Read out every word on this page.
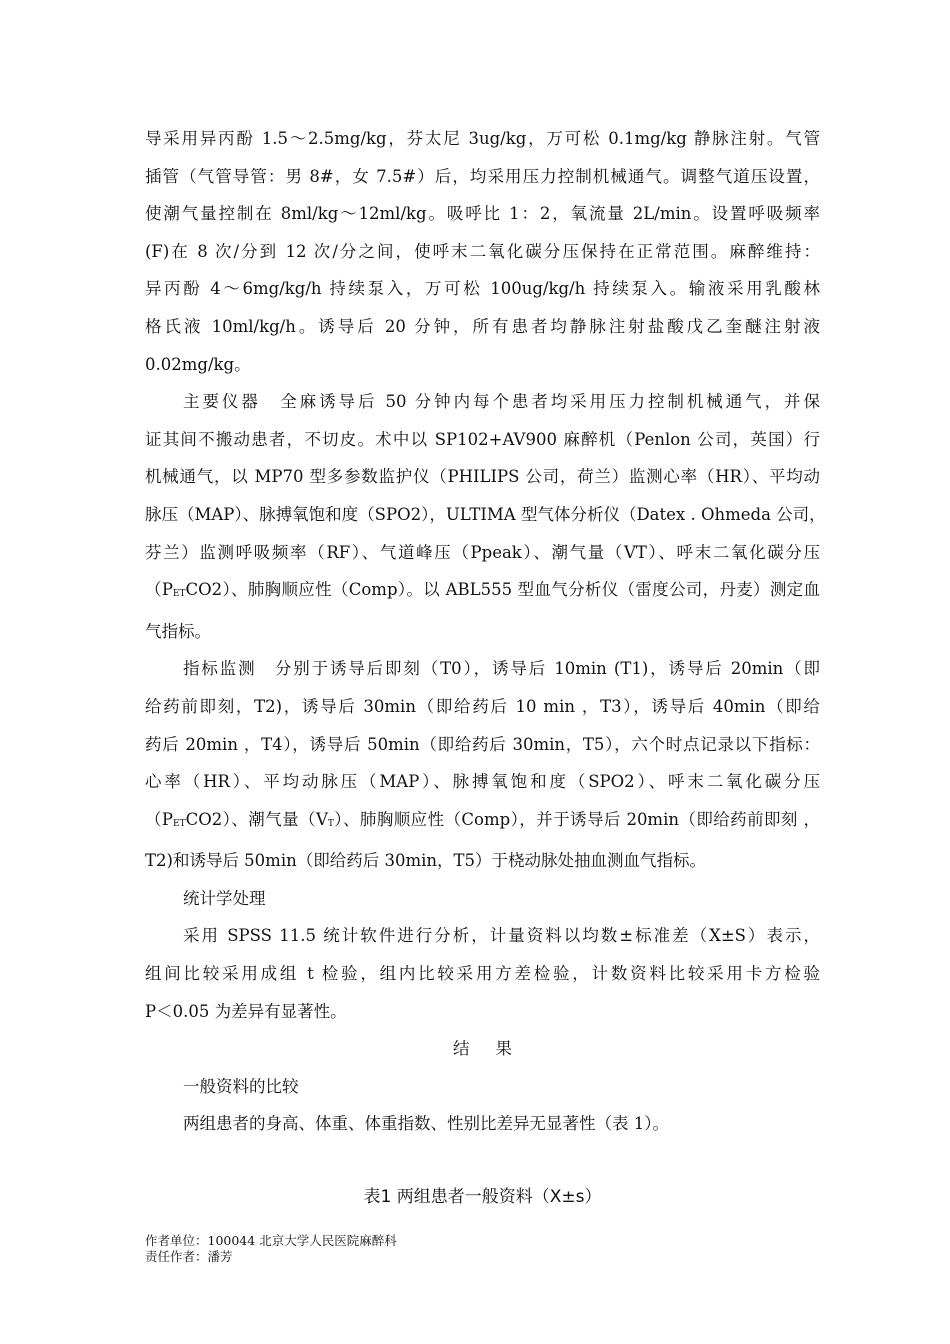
导采用异丙酚 1.5～2.5mg/kg，芬太尼 3ug/kg，万可松 0.1mg/kg 静脉注射。气管
插管（气管导管：男 8#，女 7.5#）后，均采用压力控制机械通气。调整气道压设置，
使潮气量控制在 8ml/kg～12ml/kg。吸呼比 1：2，氧流量 2L/min。设置呼吸频率
(F)在 8 次/分到 12 次/分之间，使呼末二氧化碳分压保持在正常范围。麻醉维持：
异丙酚 4～6mg/kg/h 持续泵入，万可松 100ug/kg/h 持续泵入。输液采用乳酸林
格氏液 10ml/kg/h。诱导后 20 分钟，所有患者均静脉注射盐酸戊乙奎醚注射液
0.02mg/kg。
主要仪器　全麻诱导后 50 分钟内每个患者均采用压力控制机械通气，并保
证其间不搬动患者，不切皮。术中以 SP102+AV900 麻醉机（Penlon 公司，英国）行
机械通气，以 MP70 型多参数监护仪（PHILIPS 公司，荷兰）监测心率（HR）、平均动
脉压（MAP）、脉搏氧饱和度（SPO2），ULTIMA 型气体分析仪（Datex . Ohmeda 公司，
芬兰）监测呼吸频率（RF）、气道峰压（Ppeak）、潮气量（VT）、呼末二氧化碳分压
$(P_{ET}CO2)$、肺胸顺应性（Comp）。以 ABL555 型血气分析仪（雷度公司，丹麦）测定血
气指标。
指标监测　分别于诱导后即刻（T0），诱导后 10min (T1)，诱导后 20min（即
给药前即刻，T2)，诱导后 30min（即给药后 10 min ，T3），诱导后 40min（即给
药后 20min ，T4），诱导后 50min（即给药后 30min，T5），六个时点记录以下指标：
心率（HR）、平均动脉压（MAP）、脉搏氧饱和度（SPO2）、呼末二氧化碳分压
$(P_{ET}CO2)$、潮气量$(V_T)$、肺胸顺应性（Comp），并于诱导后 20min（即给药前即刻 ，
T2)和诱导后 50min（即给药后 30min，T5）于桡动脉处抽血测血气指标。
统计学处理
采用 SPSS 11.5 统计软件进行分析，计量资料以均数±标准差（X±S）表示，
组间比较采用成组 t 检验，组内比较采用方差检验，计数资料比较采用卡方检验
P＜0.05 为差异有显著性。
结果
一般资料的比较
两组患者的身高、体重、体重指数、性别比差异无显著性（表 1）。
表1 两组患者一般资料（X±s）
作者单位：100044 北京大学人民医院麻醉科
责任作者：潘芳
